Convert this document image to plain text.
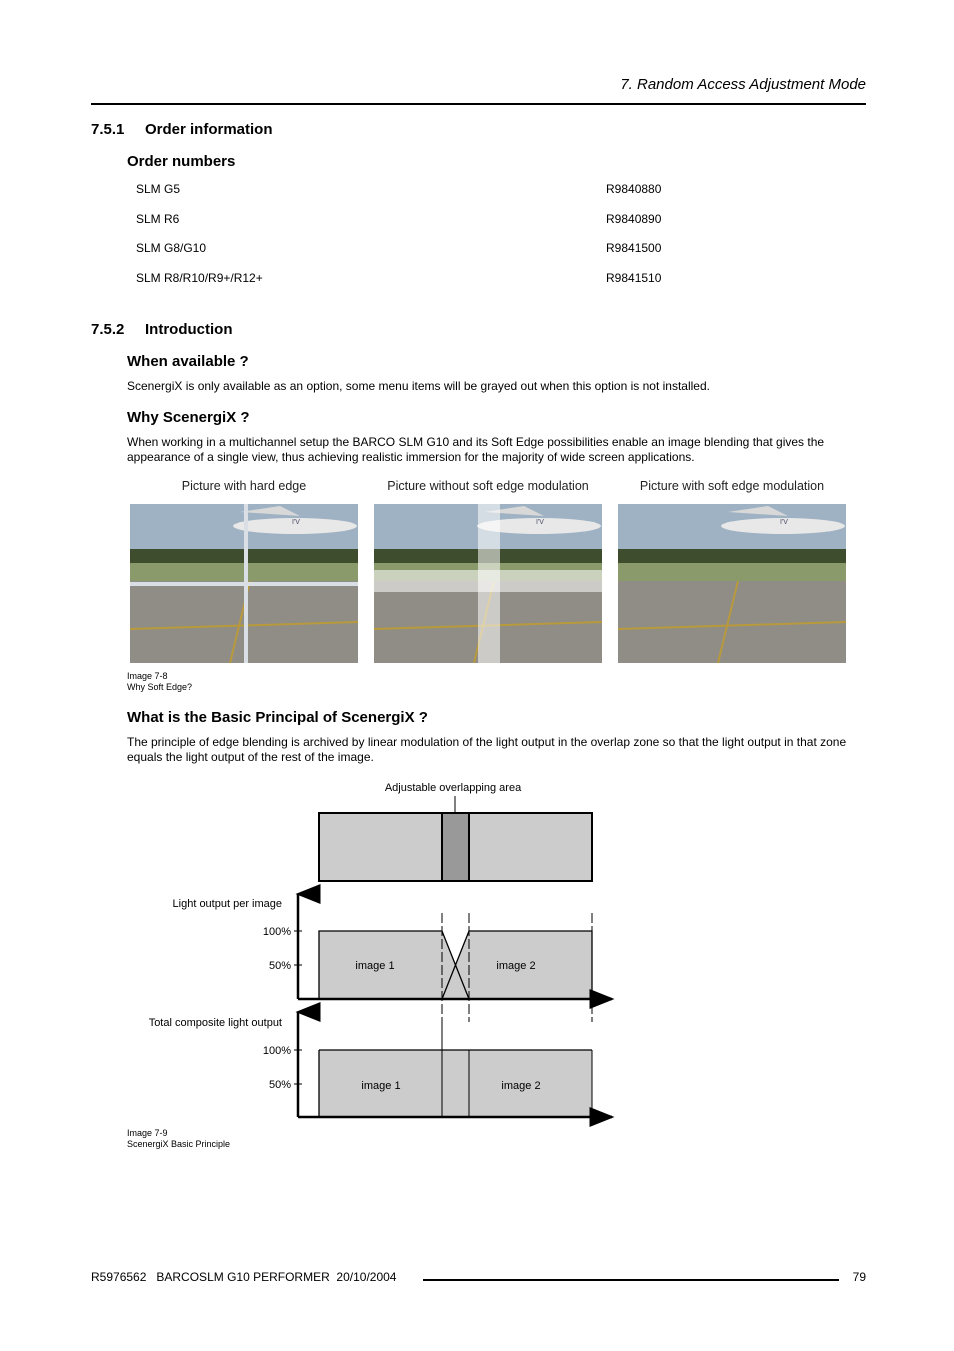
7. Random Access Adjustment Mode
7.5.1 Order information
Order numbers
SLM G5	R9840880
SLM R6	R9840890
SLM G8/G10	R9841500
SLM R8/R10/R9+/R12+	R9841510
7.5.2 Introduction
When available ?
ScenergiX is only available as an option, some menu items will be grayed out when this option is not installed.
Why ScenergiX ?
When working in a multichannel setup the BARCO SLM G10 and its Soft Edge possibilities enable an image blending that gives the appearance of a single view, thus achieving realistic immersion for the majority of wide screen applications.
Picture with hard edge	Picture without soft edge modulation	Picture with soft edge modulation
I'V	I'V	I'V
Image 7-8
Why Soft Edge?
What is the Basic Principal of ScenergiX ?
The principle of edge blending is archived by linear modulation of the light output in the overlap zone so that the light output in that zone equals the light output of the rest of the image.
Adjustable overlapping area
Light output per image
100%
50%	image 1	image 2
Total composite light output
100%
50%	image 1	image 2
Image 7-9
ScenergiX Basic Principle
R5976562   BARCOSLM G10 PERFORMER  20/10/2004	79
